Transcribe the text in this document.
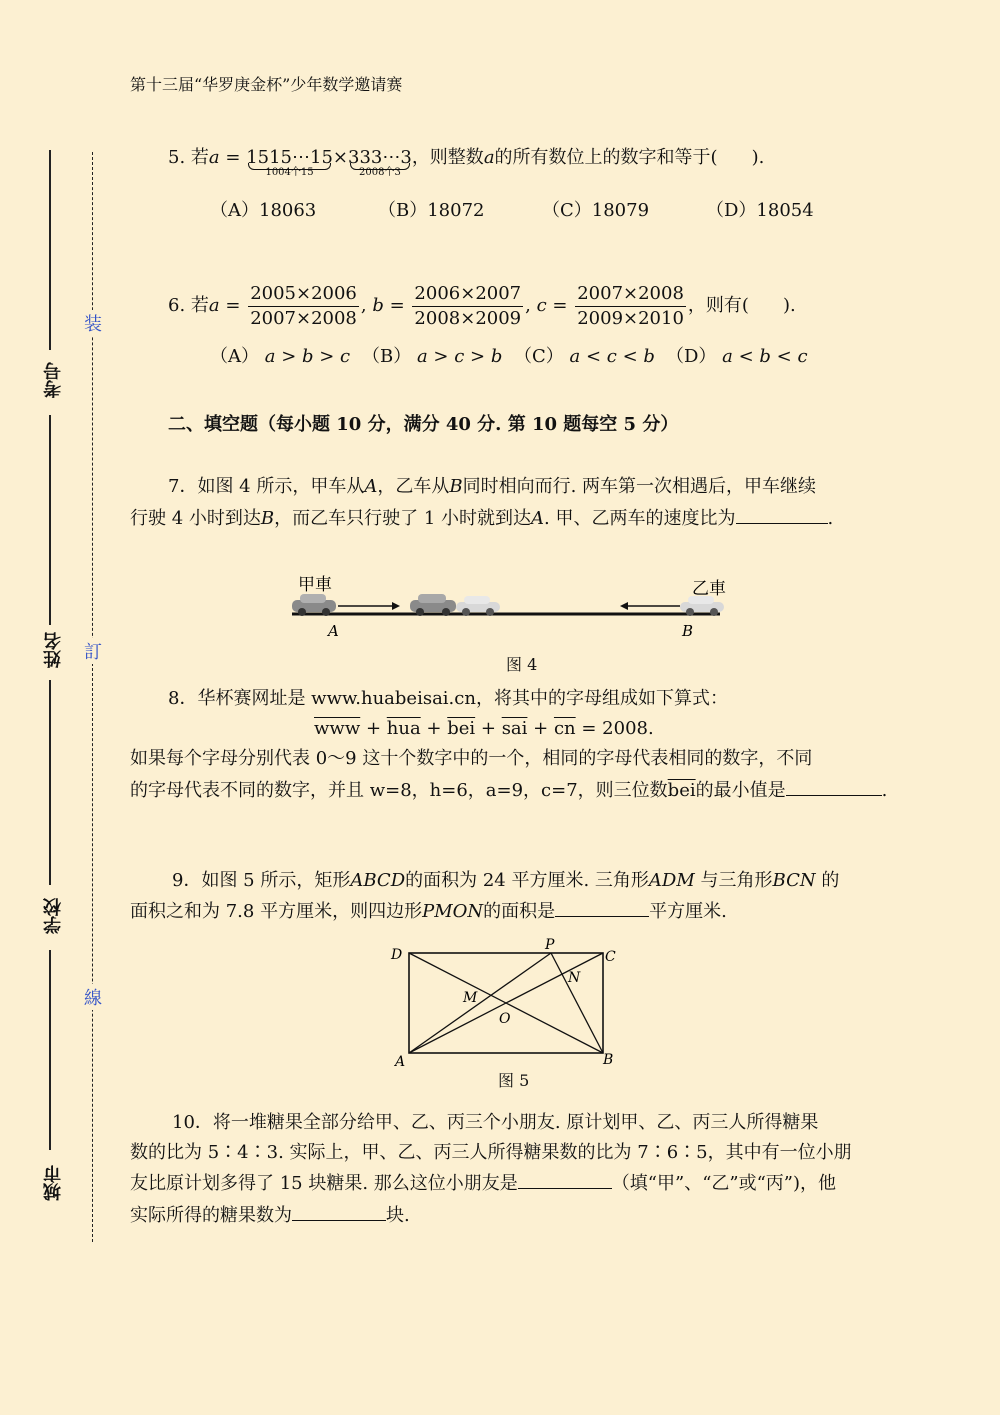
第十三届“华罗庚金杯”少年数学邀请赛
考号
姓名
学校
城市
装
訂
線
5. 若a = 1515⋯15
1004个15
×333⋯3
2008个3
，则整数a的所有数位上的数字和等于( ).
（A）18063	（B）18072	（C）18079	（D）18054
6. 若$a = \frac{2005\times 2006}{2007\times 2008}$ , $b = \frac{2006\times 2007}{2008\times 2009}$ , $c = \frac{2007\times 2008}{2009\times 2010}$ ，则有( ).
（A） a > b > c （B） a > c > b （C） a < c < b （D） a < b < c
二、填空题（每小题 10 分，满分 40 分. 第 10 题每空 5 分）
7．如图 4 所示，甲车从A，乙车从B同时相向而行. 两车第一次相遇后，甲车继续
行驶 4 小时到达B，而乙车只行驶了 1 小时就到达A. 甲、乙两车的速度比为	.
甲車	乙車
A	B
图 4
8．华杯赛网址是 www.huabeisai.cn，将其中的字母组成如下算式：
$\overline{www} + \overline{hua} + \overline{bei} + \overline{sai} + \overline{cn} = 2008$.
如果每个字母分别代表 0～9 这十个数字中的一个，相同的字母代表相同的数字，不同
的字母代表不同的数字，并且 w=8，h=6，a=9，c=7，则三位数$\overline{bei}$的最小值是	.
9．如图 5 所示，矩形ABCD的面积为 24 平方厘米. 三角形ADM 与三角形BCN 的
面积之和为 7.8 平方厘米，则四边形PMON的面积是	平方厘米.
D
P
C
N
M
O
A	B
图 5
10．将一堆糖果全部分给甲、乙、丙三个小朋友. 原计划甲、乙、丙三人所得糖果
数的比为 5∶4∶3. 实际上，甲、乙、丙三人所得糖果数的比为 7∶6∶5，其中有一位小朋
友比原计划多得了 15 块糖果. 那么这位小朋友是	（填“甲”、“乙”或“丙”)，他
实际所得的糖果数为	块.
